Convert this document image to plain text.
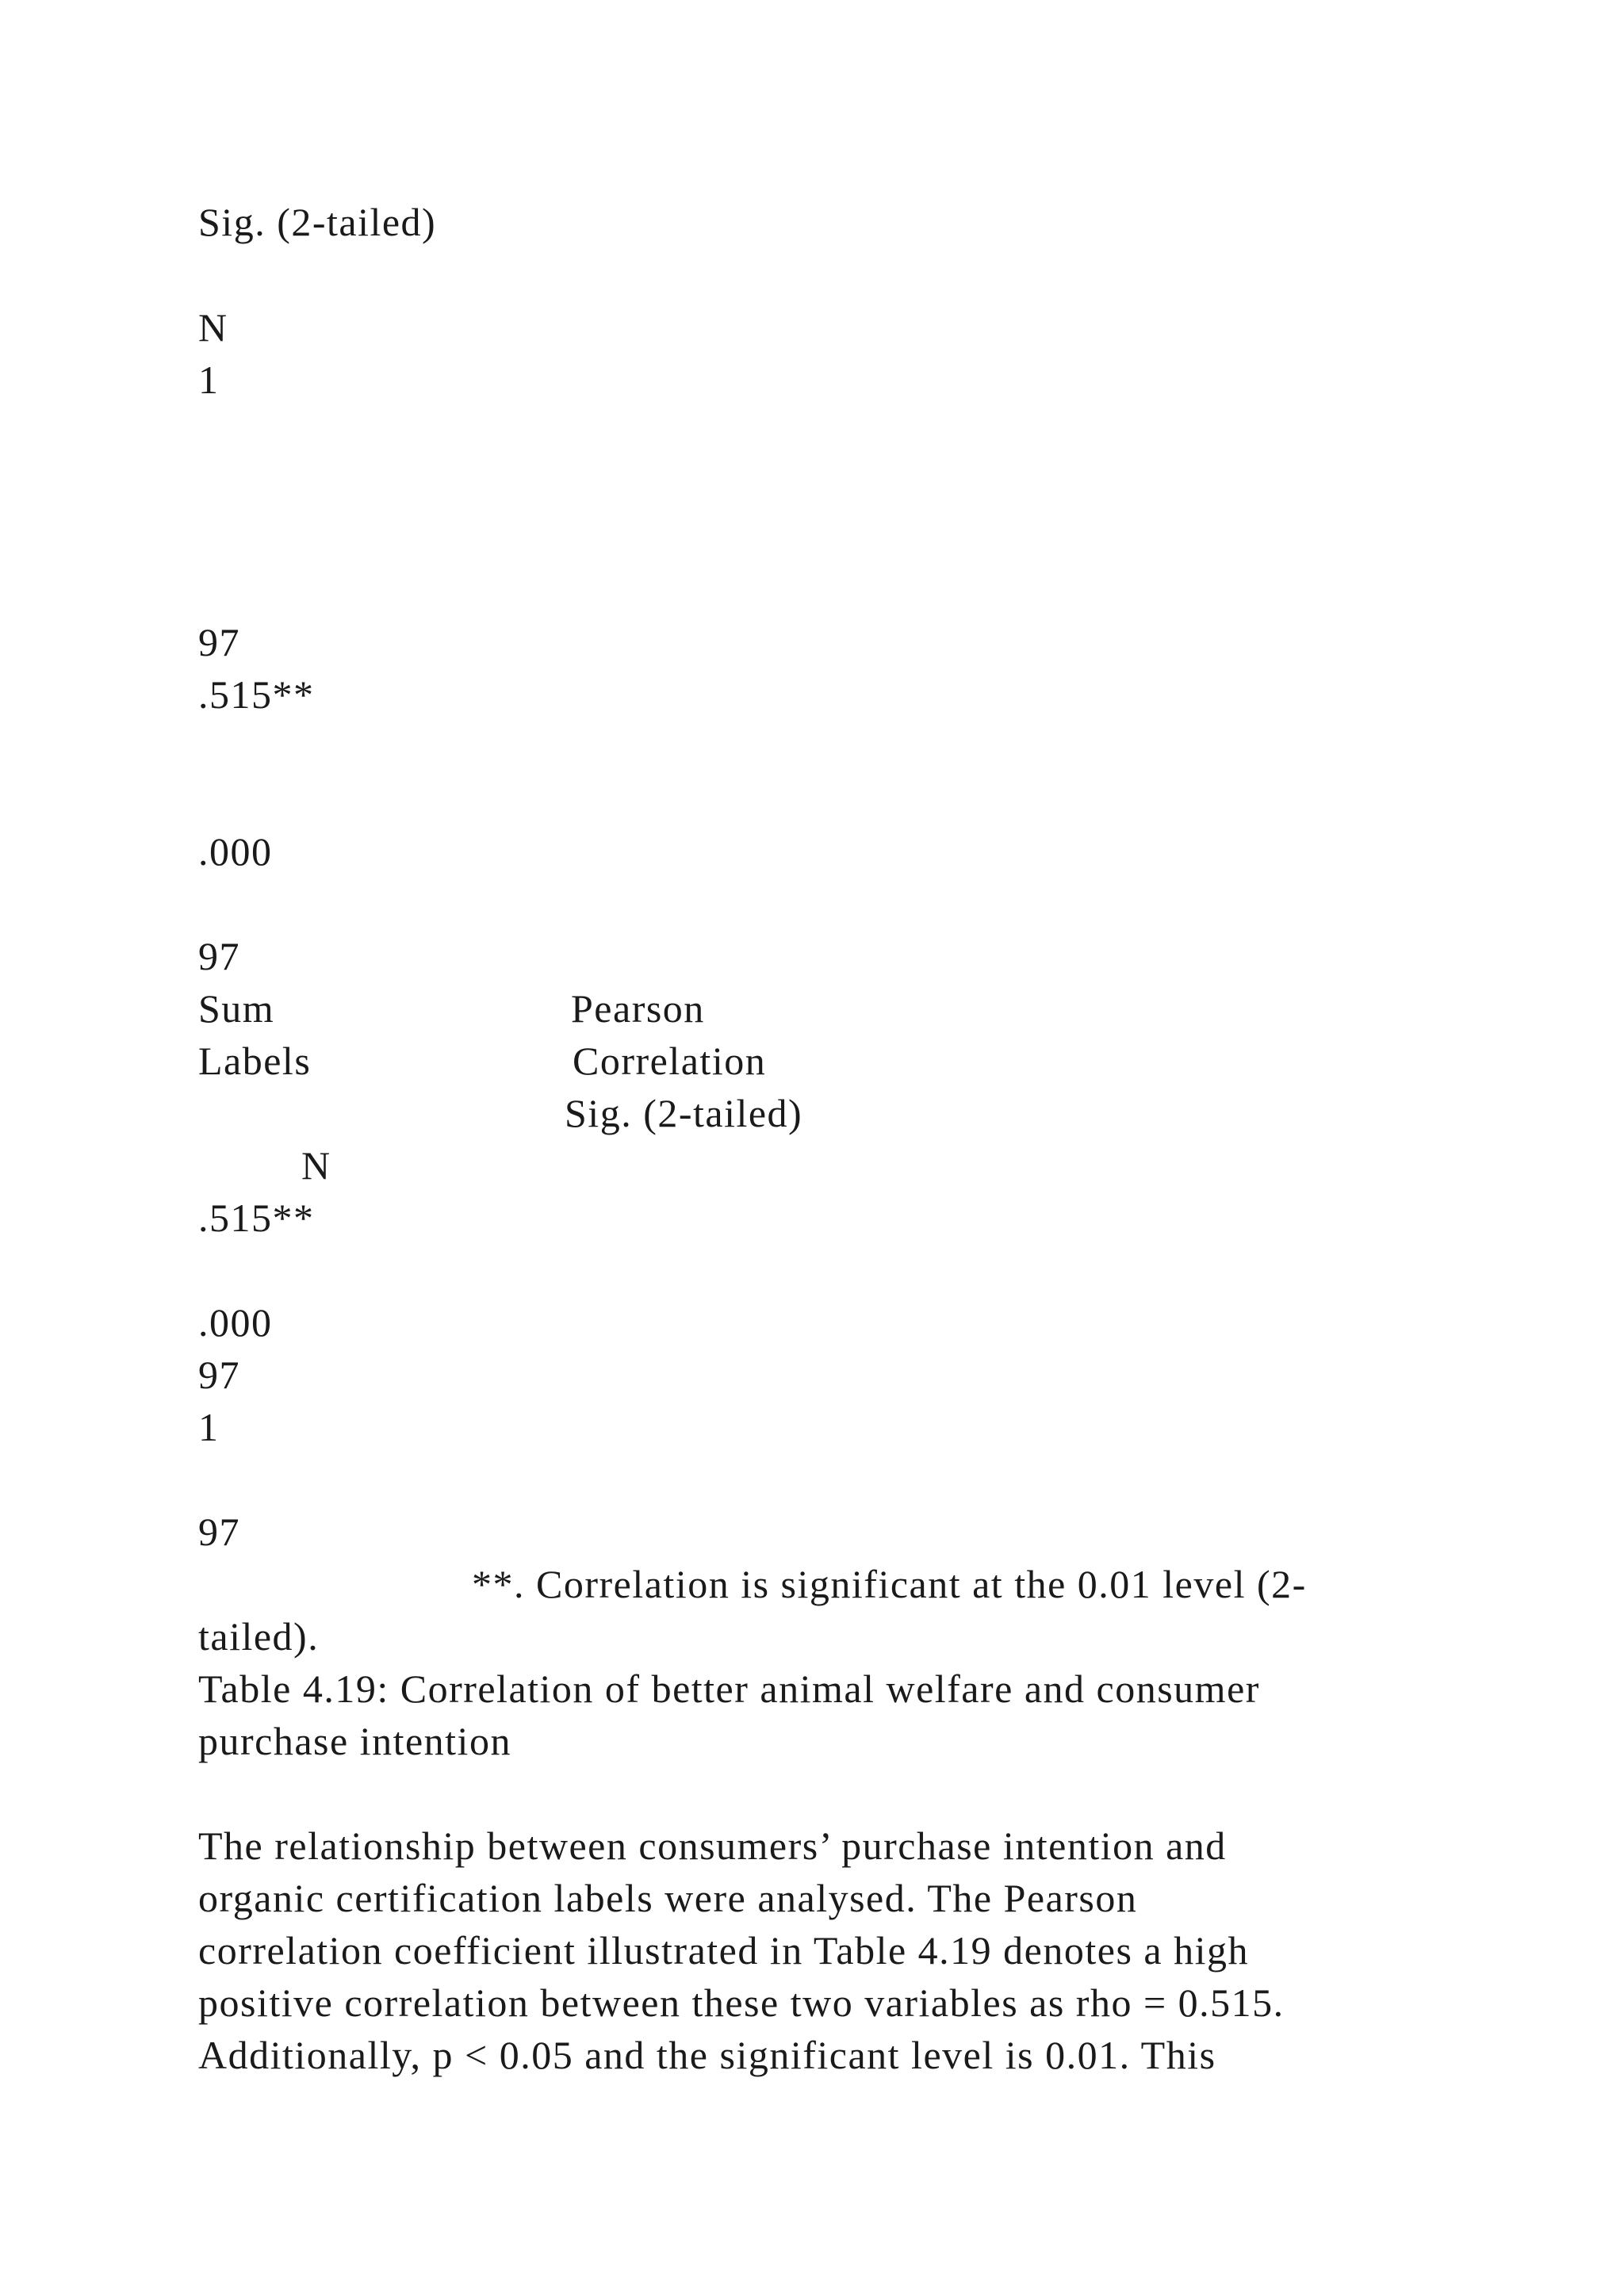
Sig. (2-tailed)
N
1
97
.515**
.000
97
Sum	Pearson
Labels	Correlation
Sig. (2-tailed)
N
.515**
.000
97
1
97
**. Correlation is significant at the 0.01 level (2-
tailed).
Table 4.19: Correlation of better animal welfare and consumer
purchase intention
The relationship between consumers’ purchase intention and
organic certification labels were analysed. The Pearson
correlation coefficient illustrated in Table 4.19 denotes a high
positive correlation between these two variables as rho = 0.515.
Additionally, p < 0.05 and the significant level is 0.01. This
